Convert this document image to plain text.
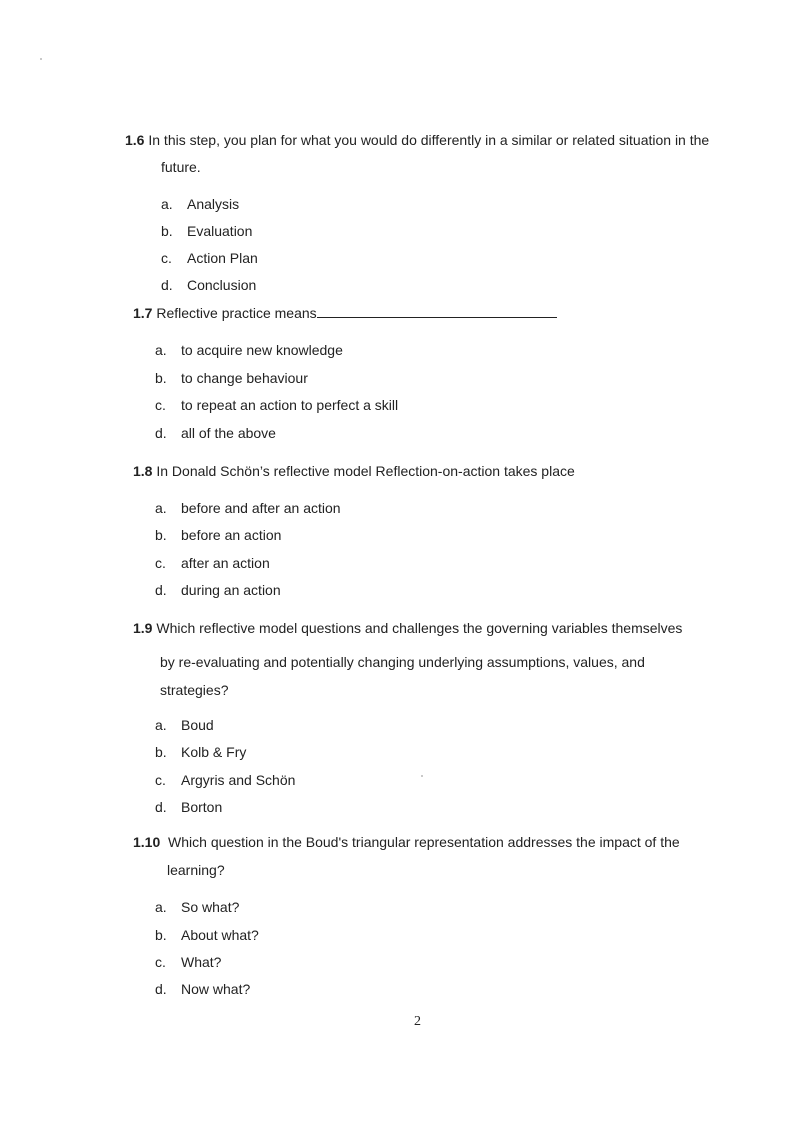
1.6 In this step, you plan for what you would do differently in a similar or related situation in the
future.
a. Analysis
b. Evaluation
c. Action Plan
d. Conclusion
1.7 Reflective practice means
a. to acquire new knowledge
b. to change behaviour
c. to repeat an action to perfect a skill
d. all of the above
1.8 In Donald Schön’s reflective model Reflection-on-action takes place
a. before and after an action
b. before an action
c. after an action
d. during an action
1.9 Which reflective model questions and challenges the governing variables themselves
by re-evaluating and potentially changing underlying assumptions, values, and
strategies?
a. Boud
b. Kolb & Fry
c. Argyris and Schön
d. Borton
1.10 Which question in the Boud's triangular representation addresses the impact of the
learning?
a. So what?
b. About what?
c. What?
d. Now what?
2
